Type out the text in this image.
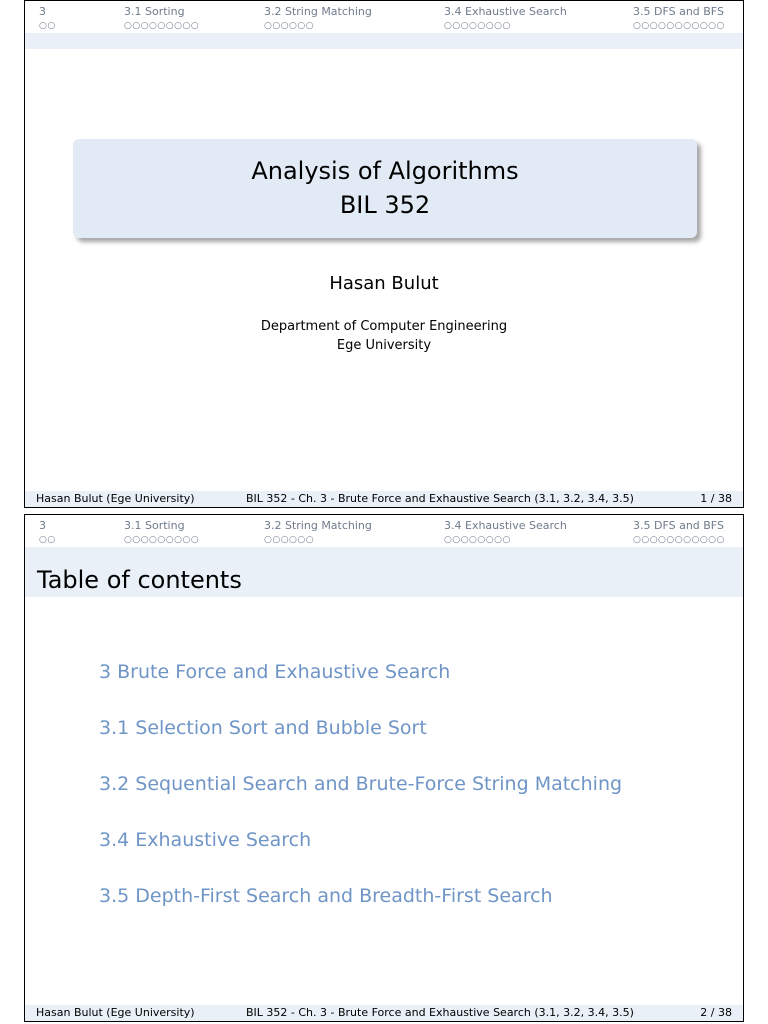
3	3.1 Sorting	3.2 String Matching	3.4 Exhaustive Search	3.5 DFS and BFS
○○	○○○○○○○○○	○○○○○○	○○○○○○○○	○○○○○○○○○○○
Analysis of Algorithms
BIL 352
Hasan Bulut
Department of Computer Engineering
Ege University
Hasan Bulut (Ege University)	BIL 352 - Ch. 3 - Brute Force and Exhaustive Search (3.1, 3.2, 3.4, 3.5)	1 / 38
3	3.1 Sorting	3.2 String Matching	3.4 Exhaustive Search	3.5 DFS and BFS
○○	○○○○○○○○○	○○○○○○	○○○○○○○○	○○○○○○○○○○○
Table of contents
3 Brute Force and Exhaustive Search
3.1 Selection Sort and Bubble Sort
3.2 Sequential Search and Brute-Force String Matching
3.4 Exhaustive Search
3.5 Depth-First Search and Breadth-First Search
Hasan Bulut (Ege University)	BIL 352 - Ch. 3 - Brute Force and Exhaustive Search (3.1, 3.2, 3.4, 3.5)	2 / 38
